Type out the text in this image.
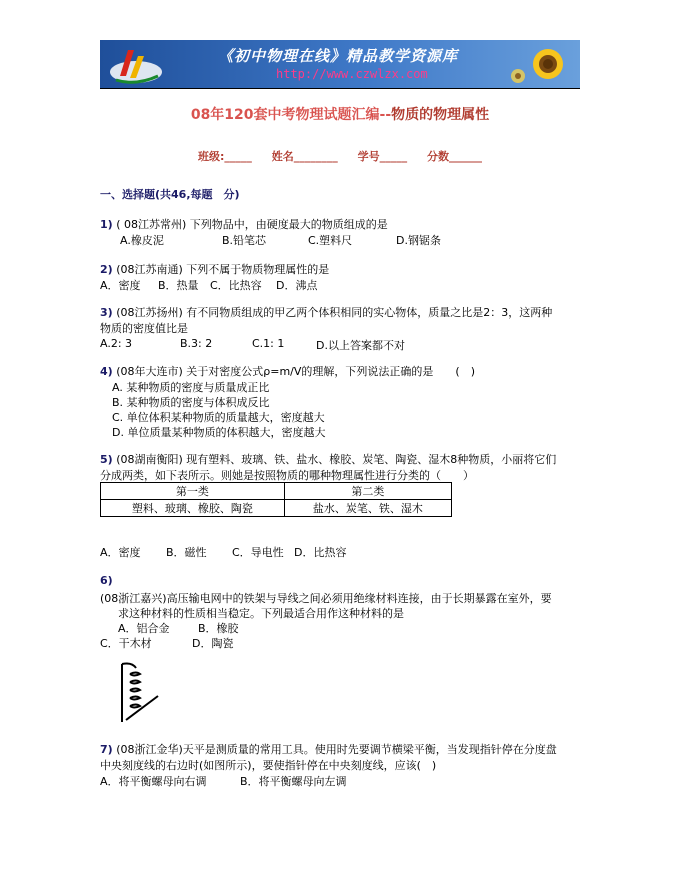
《初中物理在线》精品教学资源库
http://www.czwlzx.com
08年120套中考物理试题汇编--物质的物理属性
班级:_____ 姓名________ 学号_____ 分数______
一、选择题(共46,每题　分)
1) ( 08江苏常州) 下列物品中，由硬度最大的物质组成的是
A.橡皮泥	B.铅笔芯	C.塑料尺	D.钢锯条
2) (08江苏南通) 下列不属于物质物理属性的是
A．密度 B．热量 C．比热容 D．沸点
3) (08江苏扬州) 有不同物质组成的甲乙两个体积相同的实心物体，质量之比是2：3，这两种
物质的密度值比是
A.2: 3	B.3: 2	C.1: 1	D.以上答案都不对
4) (08年大连市) 关于对密度公式ρ=m/V的理解，下列说法正确的是　　(　)
A. 某种物质的密度与质量成正比
B. 某种物质的密度与体积成反比
C. 单位体积某种物质的质量越大，密度越大
D. 单位质量某种物质的体积越大，密度越大
5) (08湖南衡阳) 现有塑料、玻璃、铁、盐水、橡胶、炭笔、陶瓷、湿木8种物质，小丽将它们
分成两类，如下表所示。则她是按照物质的哪种物理属性进行分类的（　　）
第一类	第二类
塑料、玻璃、橡胶、陶瓷	盐水、炭笔、铁、湿木
A．密度 B．磁性 C．导电性 D．比热容
6)
(08浙江嘉兴)高压输电网中的铁架与导线之间必须用绝缘材料连接，由于长期暴露在室外，要
求这种材料的性质相当稳定。下列最适合用作这种材料的是
A．铝合金	B．橡胶
C．干木材	D．陶瓷
7) (08浙江金华)天平是测质量的常用工具。使用时先要调节横梁平衡，当发现指针停在分度盘
中央刻度线的右边时(如图所示)，要使指针停在中央刻度线，应该(　)
A．将平衡螺母向右调	B．将平衡螺母向左调
